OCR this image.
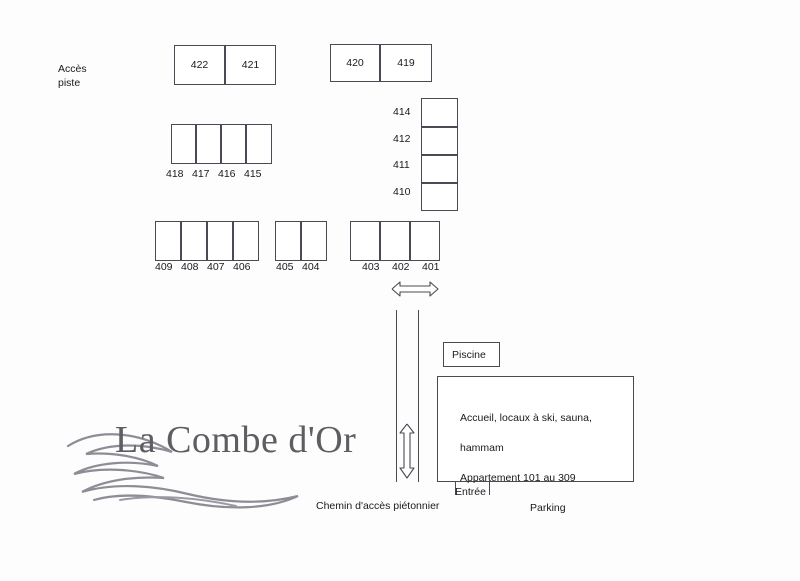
Accès
piste
422	421	420	419
418 417 416 415
414
412
411
410
409 408 407 406 405 404	403 402 401
Piscine
Accueil, locaux à ski, sauna, hammam
Appartement 101 au 309
Entrée
Parking
Chemin d'accès piétonnier
La Combe d'Or
